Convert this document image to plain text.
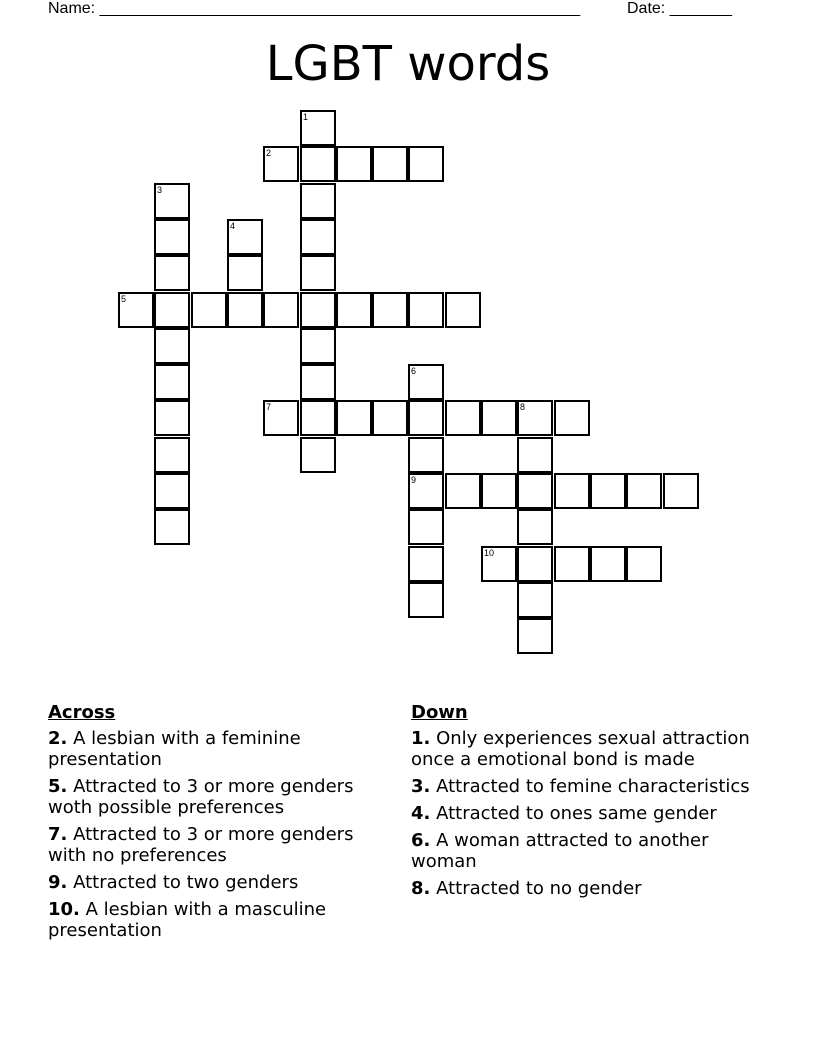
Name: ______________________________________________________	Date: _______
LGBT words
1
2
3
4
5
6
7	8
9
10
Across
2. A lesbian with a feminine presentation
5. Attracted to 3 or more genders woth possible preferences
7. Attracted to 3 or more genders with no preferences
9. Attracted to two genders
10. A lesbian with a masculine presentation
Down
1. Only experiences sexual attraction once a emotional bond is made
3. Attracted to femine characteristics
4. Attracted to ones same gender
6. A woman attracted to another woman
8. Attracted to no gender
